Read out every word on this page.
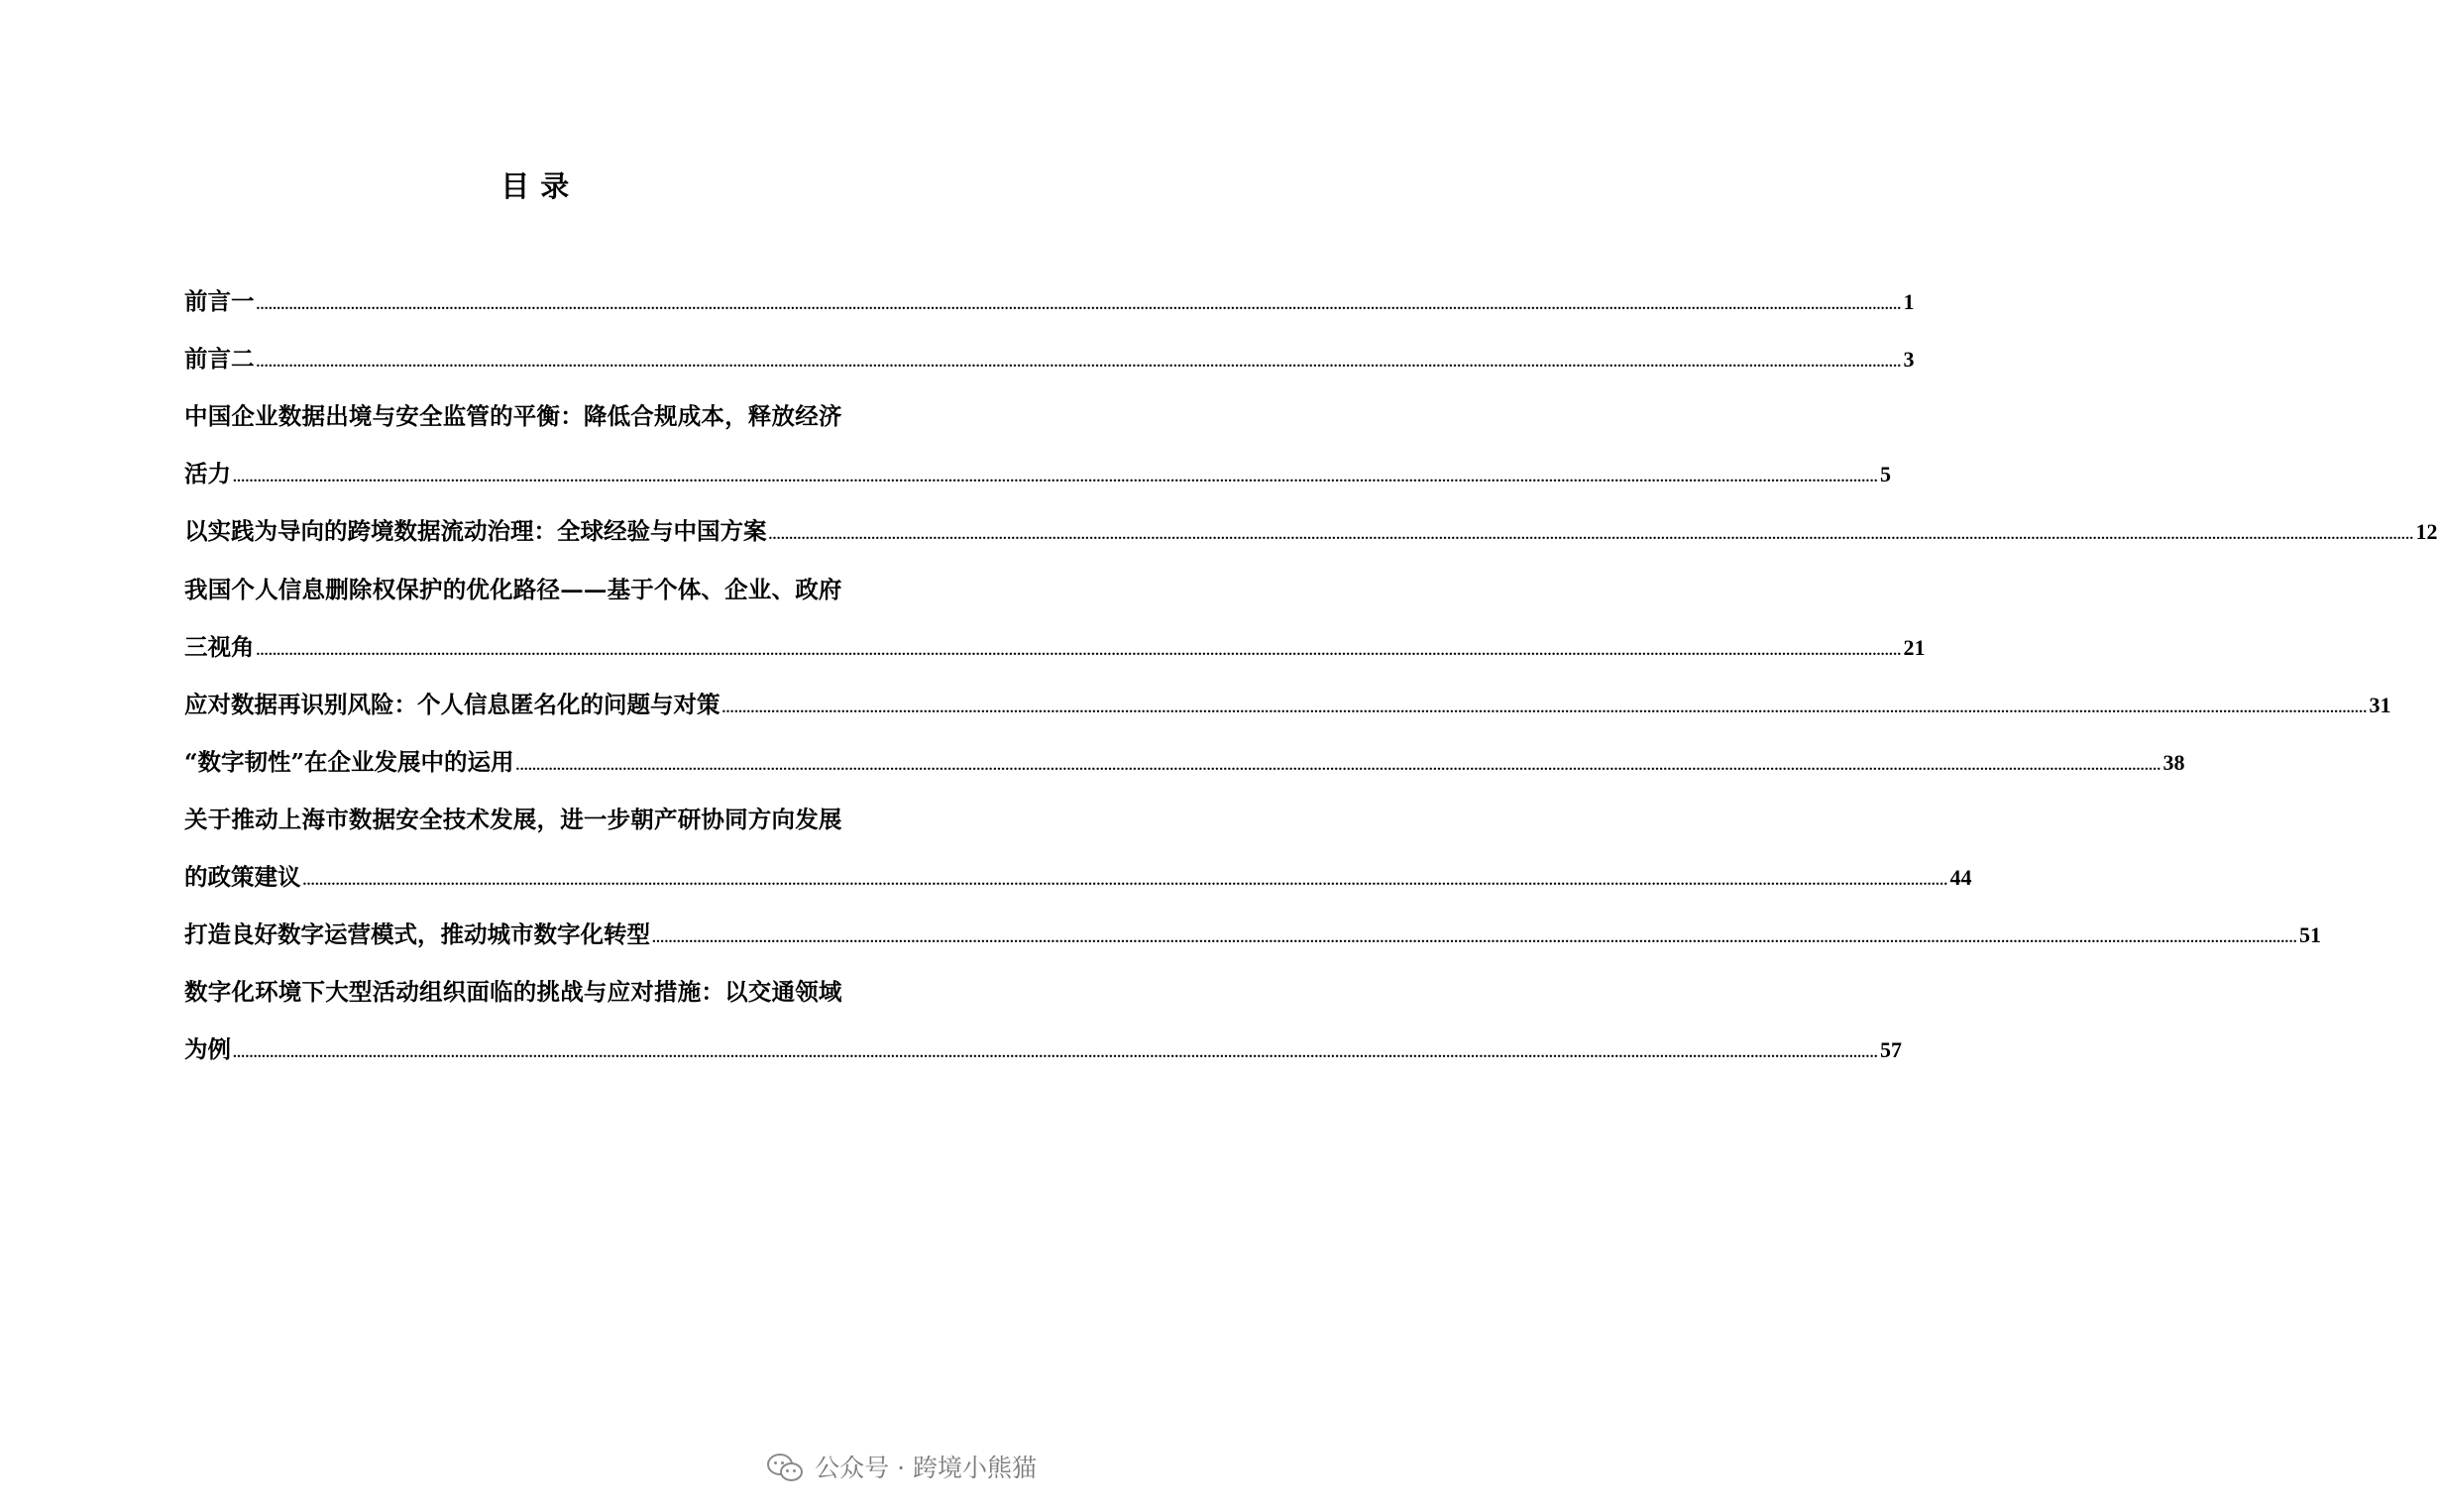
目 录
前言一 ................................................................................................................................................................................................................................................................................................................................................................................................................ 1
前言二 ................................................................................................................................................................................................................................................................................................................................................................................................................ 3
中国企业数据出境与安全监管的平衡：降低合规成本，释放经济
活力 ................................................................................................................................................................................................................................................................................................................................................................................................................ 5
以实践为导向的跨境数据流动治理：全球经验与中国方案 ................................................................................................................................................................................................................................................................................................................................................................................................................ 12
我国个人信息删除权保护的优化路径——基于个体、企业、政府
三视角 ................................................................................................................................................................................................................................................................................................................................................................................................................ 21
应对数据再识别风险：个人信息匿名化的问题与对策 ................................................................................................................................................................................................................................................................................................................................................................................................................ 31
“数字韧性”在企业发展中的运用 ................................................................................................................................................................................................................................................................................................................................................................................................................ 38
关于推动上海市数据安全技术发展，进一步朝产研协同方向发展
的政策建议 ................................................................................................................................................................................................................................................................................................................................................................................................................ 44
打造良好数字运营模式，推动城市数字化转型 ................................................................................................................................................................................................................................................................................................................................................................................................................ 51
数字化环境下大型活动组织面临的挑战与应对措施：以交通领域
为例 ................................................................................................................................................................................................................................................................................................................................................................................................................ 57
公众号 · 跨境小熊猫
